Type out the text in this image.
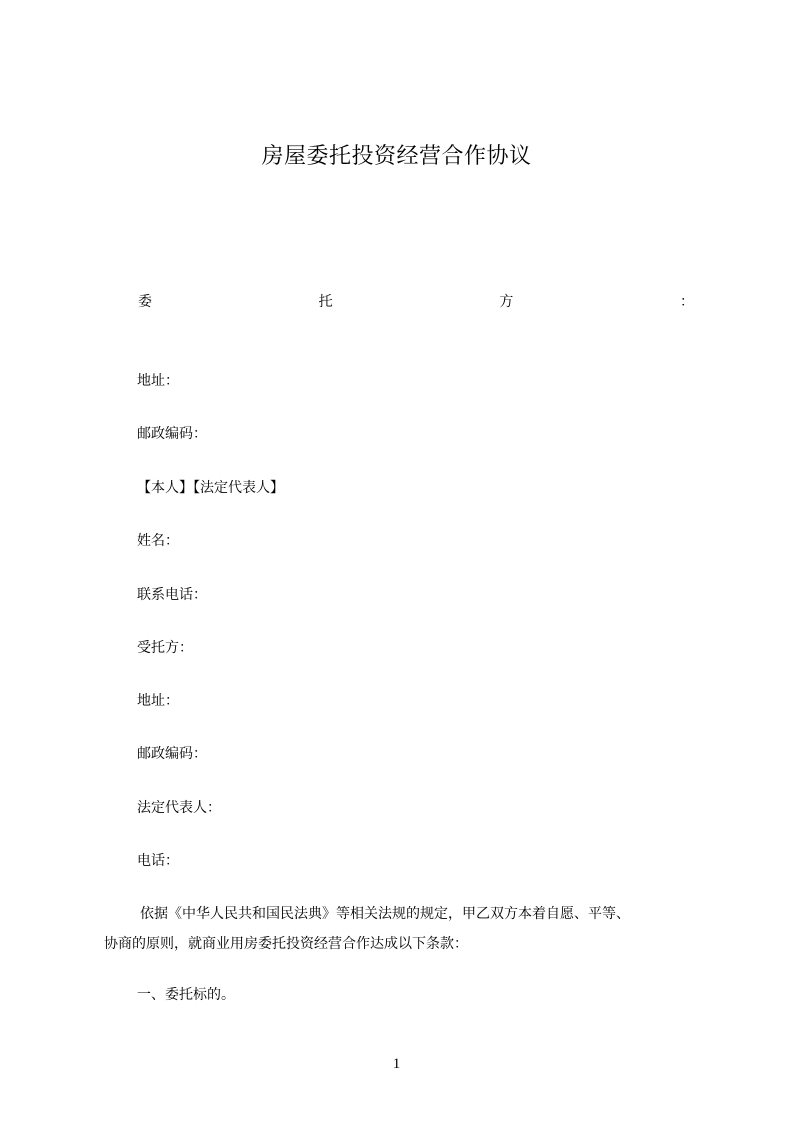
房屋委托投资经营合作协议
委	托	方	：
地址：
邮政编码：
【本人】【法定代表人】
姓名：
联系电话：
受托方：
地址：
邮政编码：
法定代表人：
电话：
依据《中华人民共和国民法典》等相关法规的规定，甲乙双方本着自愿、平等、
协商的原则，就商业用房委托投资经营合作达成以下条款：
一、委托标的。
1
